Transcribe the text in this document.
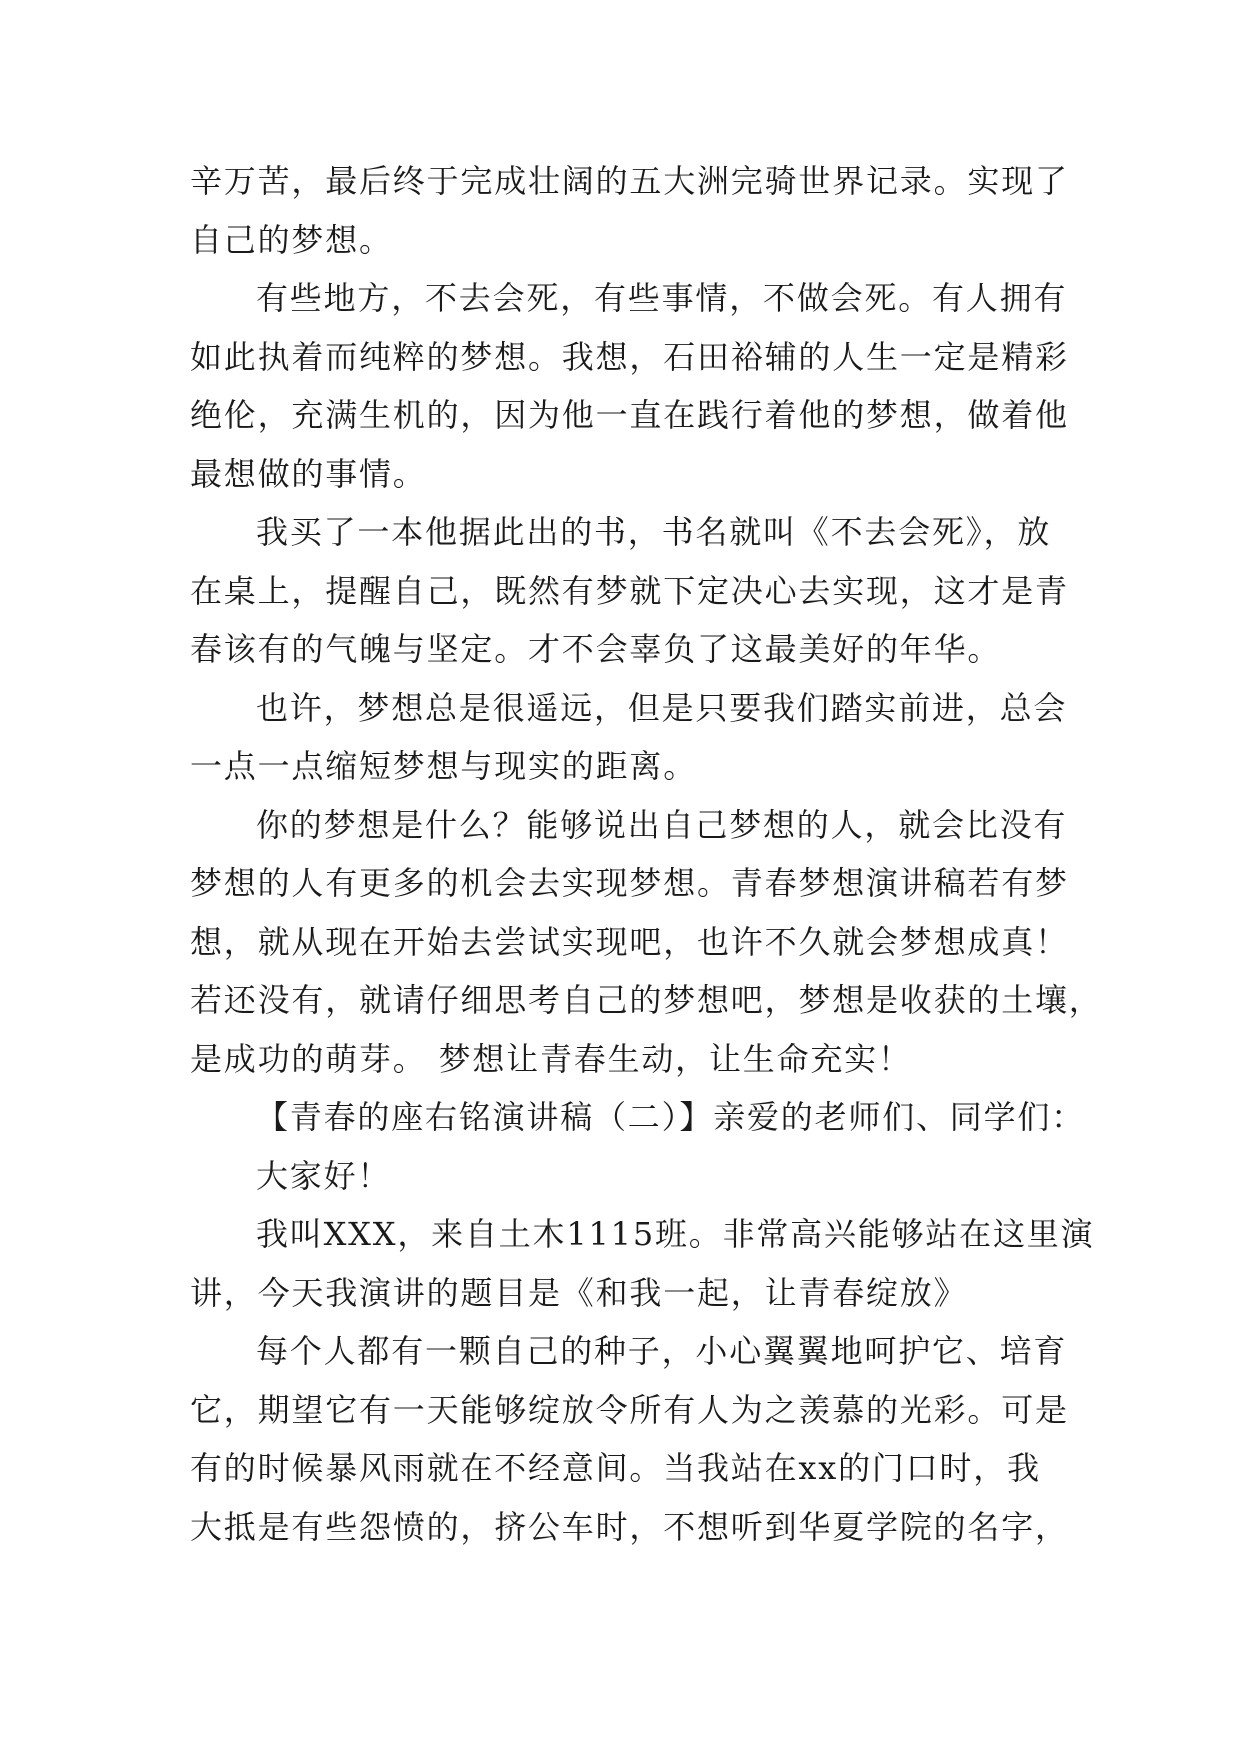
辛万苦，最后终于完成壮阔的五大洲完骑世界记录。实现了
自己的梦想。
有些地方，不去会死，有些事情，不做会死。有人拥有
如此执着而纯粹的梦想。我想，石田裕辅的人生一定是精彩
绝伦，充满生机的，因为他一直在践行着他的梦想，做着他
最想做的事情。
我买了一本他据此出的书，书名就叫《不去会死》，放
在桌上，提醒自己，既然有梦就下定决心去实现，这才是青
春该有的气魄与坚定。才不会辜负了这最美好的年华。
也许，梦想总是很遥远，但是只要我们踏实前进，总会
一点一点缩短梦想与现实的距离。
你的梦想是什么？能够说出自己梦想的人，就会比没有
梦想的人有更多的机会去实现梦想。青春梦想演讲稿若有梦
想，就从现在开始去尝试实现吧，也许不久就会梦想成真！
若还没有，就请仔细思考自己的梦想吧，梦想是收获的土壤，
是成功的萌芽。 梦想让青春生动，让生命充实！
【青春的座右铭演讲稿（二）】亲爱的老师们、同学们：
大家好！
我叫XXX，来自土木1115班。非常高兴能够站在这里演
讲，今天我演讲的题目是《和我一起，让青春绽放》
每个人都有一颗自己的种子，小心翼翼地呵护它、培育
它，期望它有一天能够绽放令所有人为之羡慕的光彩。可是
有的时候暴风雨就在不经意间。当我站在xx的门口时，我
大抵是有些怨愤的，挤公车时，不想听到华夏学院的名字，
